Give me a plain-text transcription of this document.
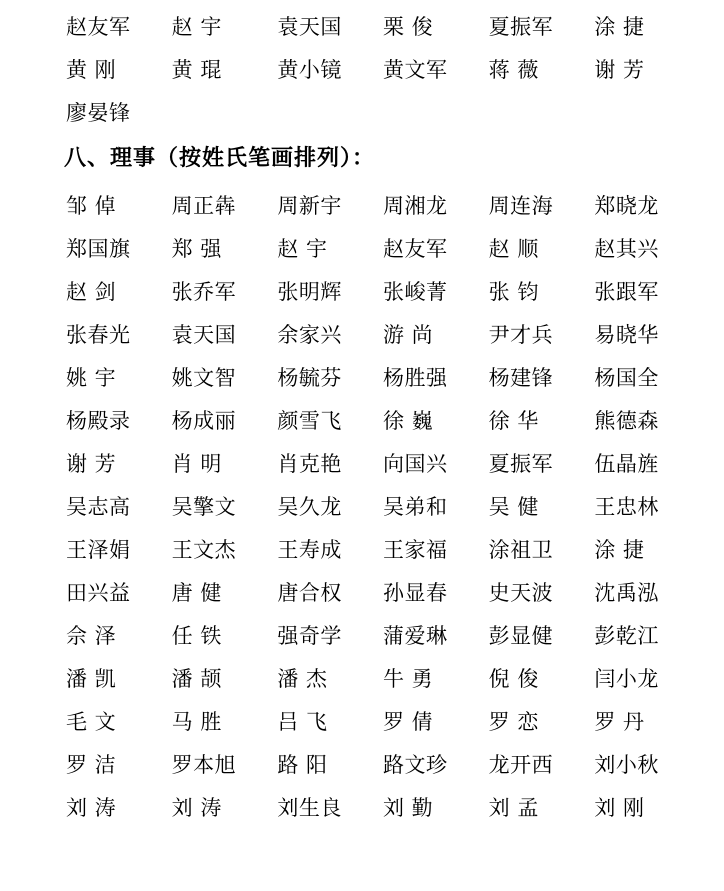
赵友军	赵 宇	袁天国	栗 俊	夏振军	涂 捷
黄 刚	黄 琨	黄小镜	黄文军	蒋 薇	谢 芳
廖晏锋
八、理事（按姓氏笔画排列）：
邹 倬	周正犇	周新宇	周湘龙	周连海	郑晓龙
郑国旗	郑 强	赵 宇	赵友军	赵 顺	赵其兴
赵 剑	张乔军	张明辉	张峻菁	张 钧	张跟军
张春光	袁天国	余家兴	游 尚	尹才兵	易晓华
姚 宇	姚文智	杨毓芬	杨胜强	杨建锋	杨国全
杨殿录	杨成丽	颜雪飞	徐 巍	徐 华	熊德森
谢 芳	肖 明	肖克艳	向国兴	夏振军	伍晶旌
吴志高	吴擎文	吴久龙	吴弟和	吴 健	王忠林
王泽娟	王文杰	王寿成	王家福	涂祖卫	涂 捷
田兴益	唐 健	唐合权	孙显春	史天波	沈禹泓
佘 泽	任 铁	强奇学	蒲爱琳	彭显健	彭乾江
潘 凯	潘 颉	潘 杰	牛 勇	倪 俊	闫小龙
毛 文	马 胜	吕 飞	罗 倩	罗 恋	罗 丹
罗 洁	罗本旭	路 阳	路文珍	龙开西	刘小秋
刘 涛	刘 涛	刘生良	刘 勤	刘 孟	刘 刚
